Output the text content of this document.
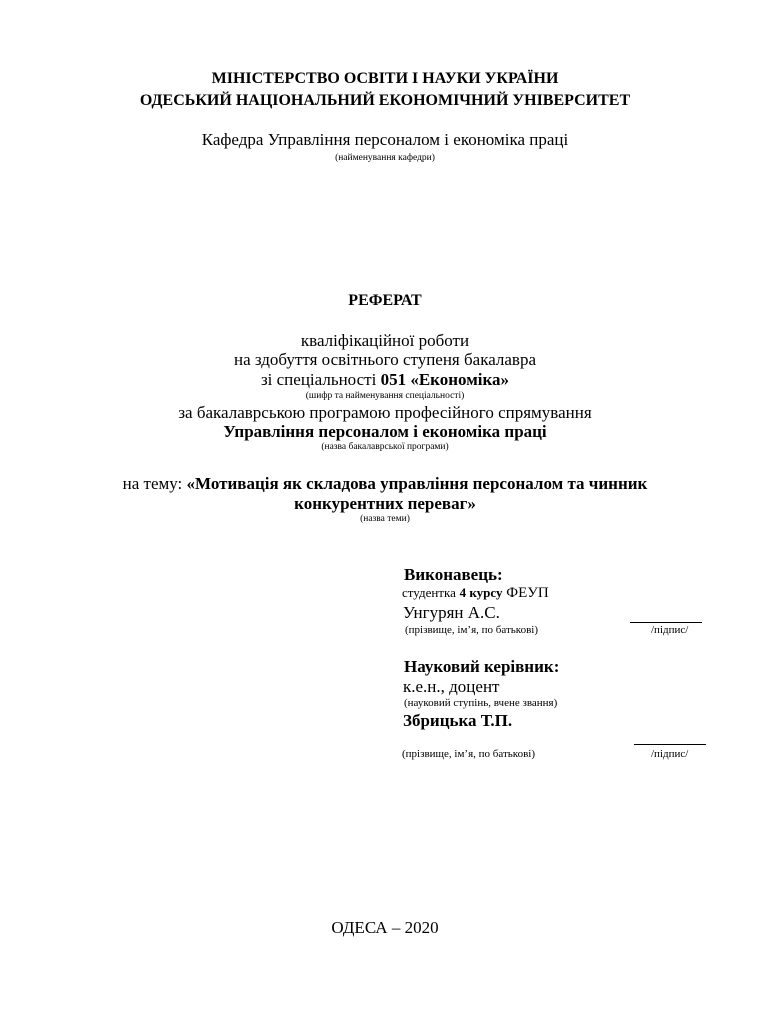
МІНІСТЕРСТВО ОСВІТИ І НАУКИ УКРАЇНИ
ОДЕСЬКИЙ НАЦІОНАЛЬНИЙ ЕКОНОМІЧНИЙ УНІВЕРСИТЕТ
Кафедра Управління персоналом і економіка праці
(найменування кафедри)
РЕФЕРАТ
кваліфікаційної роботи
на здобуття освітнього ступеня бакалавра
зі спеціальності 051 «Економіка»
(шифр та найменування спеціальності)
за бакалаврською програмою професійного спрямування
Управління персоналом і економіка праці
(назва бакалаврської програми)
на тему: «Мотивація як складова управління персоналом та чинник
конкурентних переваг»
(назва теми)
Виконавець:
студентка 4 курсу ФЕУП
Унгурян А.С.
(прізвище, ім’я, по батькові)	/підпис/
Науковий керівник:
к.е.н., доцент
(науковий ступінь, вчене звання)
Збрицька Т.П.
(прізвище, ім’я, по батькові)	/підпис/
ОДЕСА – 2020
